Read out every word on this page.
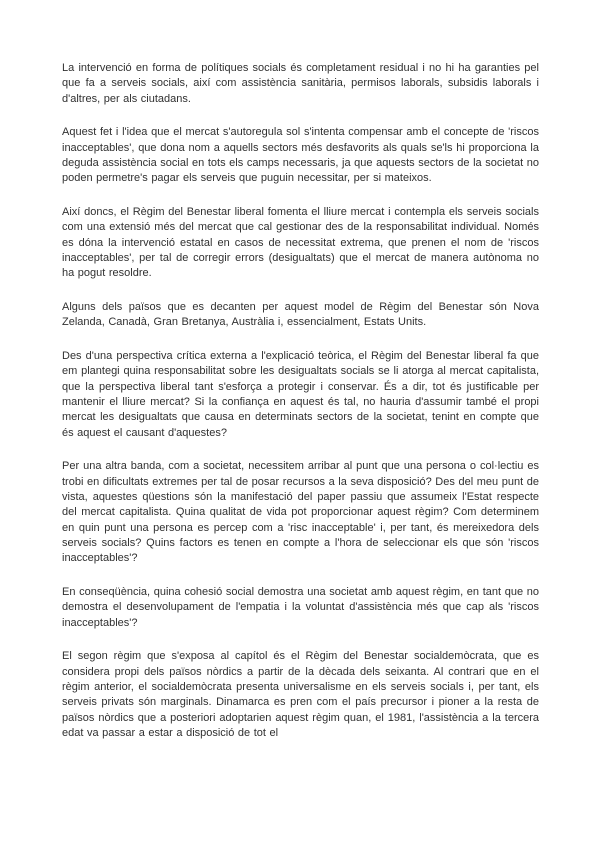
La intervenció en forma de polítiques socials és completament residual i no hi ha garanties pel que fa a serveis socials, així com assistència sanitària, permisos laborals, subsidis laborals i d'altres, per als ciutadans.

Aquest fet i l'idea que el mercat s'autoregula sol s'intenta compensar amb el concepte de 'riscos inacceptables', que dona nom a aquells sectors més desfavorits als quals se'ls hi proporciona la deguda assistència social en tots els camps necessaris, ja que aquests sectors de la societat no poden permetre's pagar els serveis que puguin necessitar, per si mateixos.

Així doncs, el Règim del Benestar liberal fomenta el lliure mercat i contempla els serveis socials com una extensió més del mercat que cal gestionar des de la responsabilitat individual. Només es dóna la intervenció estatal en casos de necessitat extrema, que prenen el nom de 'riscos inacceptables', per tal de corregir errors (desigualtats) que el mercat de manera autònoma no ha pogut resoldre.

Alguns dels països que es decanten per aquest model de Règim del Benestar són Nova Zelanda, Canadà, Gran Bretanya, Austràlia i, essencialment, Estats Units.

Des d'una perspectiva crítica externa a l'explicació teòrica, el Règim del Benestar liberal fa que em plantegi quina responsabilitat sobre les desigualtats socials se li atorga al mercat capitalista, que la perspectiva liberal tant s'esforça a protegir i conservar. És a dir, tot és justificable per mantenir el lliure mercat? Si la confiança en aquest és tal, no hauria d'assumir també el propi mercat les desigualtats que causa en determinats sectors de la societat, tenint en compte que és aquest el causant d'aquestes?

Per una altra banda, com a societat, necessitem arribar al punt que una persona o col·lectiu es trobi en dificultats extremes per tal de posar recursos a la seva disposició? Des del meu punt de vista, aquestes qüestions són la manifestació del paper passiu que assumeix l'Estat respecte del mercat capitalista. Quina qualitat de vida pot proporcionar aquest règim? Com determinem en quin punt una persona es percep com a 'risc inacceptable' i, per tant, és mereixedora dels serveis socials? Quins factors es tenen en compte a l'hora de seleccionar els que són 'riscos inacceptables'?

En conseqüència, quina cohesió social demostra una societat amb aquest règim, en tant que no demostra el desenvolupament de l'empatia i la voluntat d'assistència més que cap als 'riscos inacceptables'?

El segon règim que s'exposa al capítol és el Règim del Benestar socialdemòcrata, que es considera propi dels països nòrdics a partir de la dècada dels seixanta. Al contrari que en el règim anterior, el socialdemòcrata presenta universalisme en els serveis socials i, per tant, els serveis privats són marginals. Dinamarca es pren com el país precursor i pioner a la resta de països nòrdics que a posteriori adoptarien aquest règim quan, el 1981, l'assistència a la tercera edat va passar a estar a disposició de tot el
